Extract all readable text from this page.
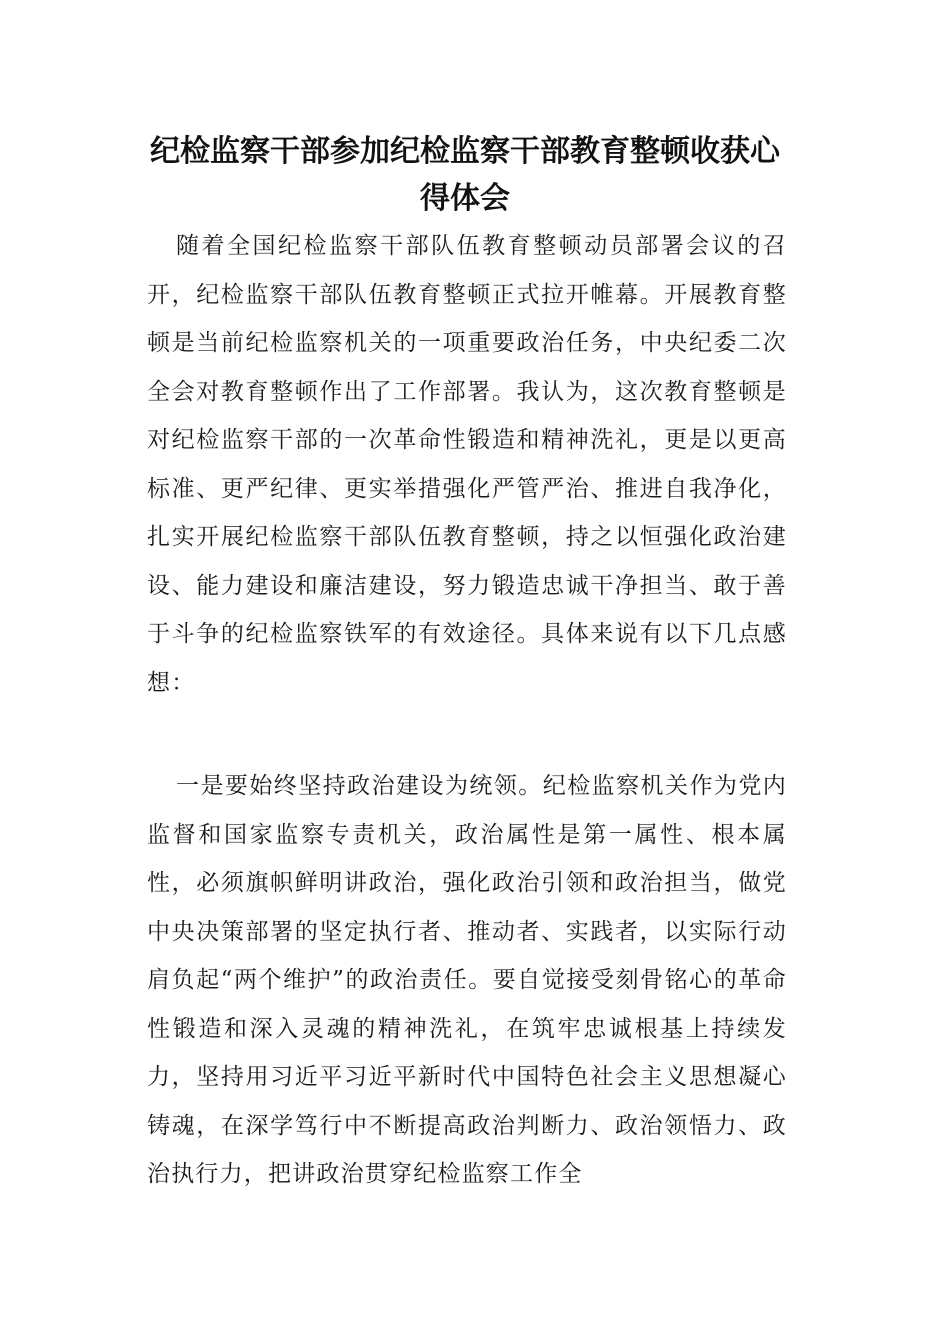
纪检监察干部参加纪检监察干部教育整顿收获心得体会

随着全国纪检监察干部队伍教育整顿动员部署会议的召开，纪检监察干部队伍教育整顿正式拉开帷幕。开展教育整顿是当前纪检监察机关的一项重要政治任务，中央纪委二次全会对教育整顿作出了工作部署。我认为，这次教育整顿是对纪检监察干部的一次革命性锻造和精神洗礼，更是以更高标准、更严纪律、更实举措强化严管严治、推进自我净化，扎实开展纪检监察干部队伍教育整顿，持之以恒强化政治建设、能力建设和廉洁建设，努力锻造忠诚干净担当、敢于善于斗争的纪检监察铁军的有效途径。具体来说有以下几点感想：

一是要始终坚持政治建设为统领。纪检监察机关作为党内监督和国家监察专责机关，政治属性是第一属性、根本属性，必须旗帜鲜明讲政治，强化政治引领和政治担当，做党中央决策部署的坚定执行者、推动者、实践者，以实际行动肩负起“两个维护”的政治责任。要自觉接受刻骨铭心的革命性锻造和深入灵魂的精神洗礼，在筑牢忠诚根基上持续发力，坚持用习近平习近平新时代中国特色社会主义思想凝心铸魂，在深学笃行中不断提高政治判断力、政治领悟力、政治执行力，把讲政治贯穿纪检监察工作全
